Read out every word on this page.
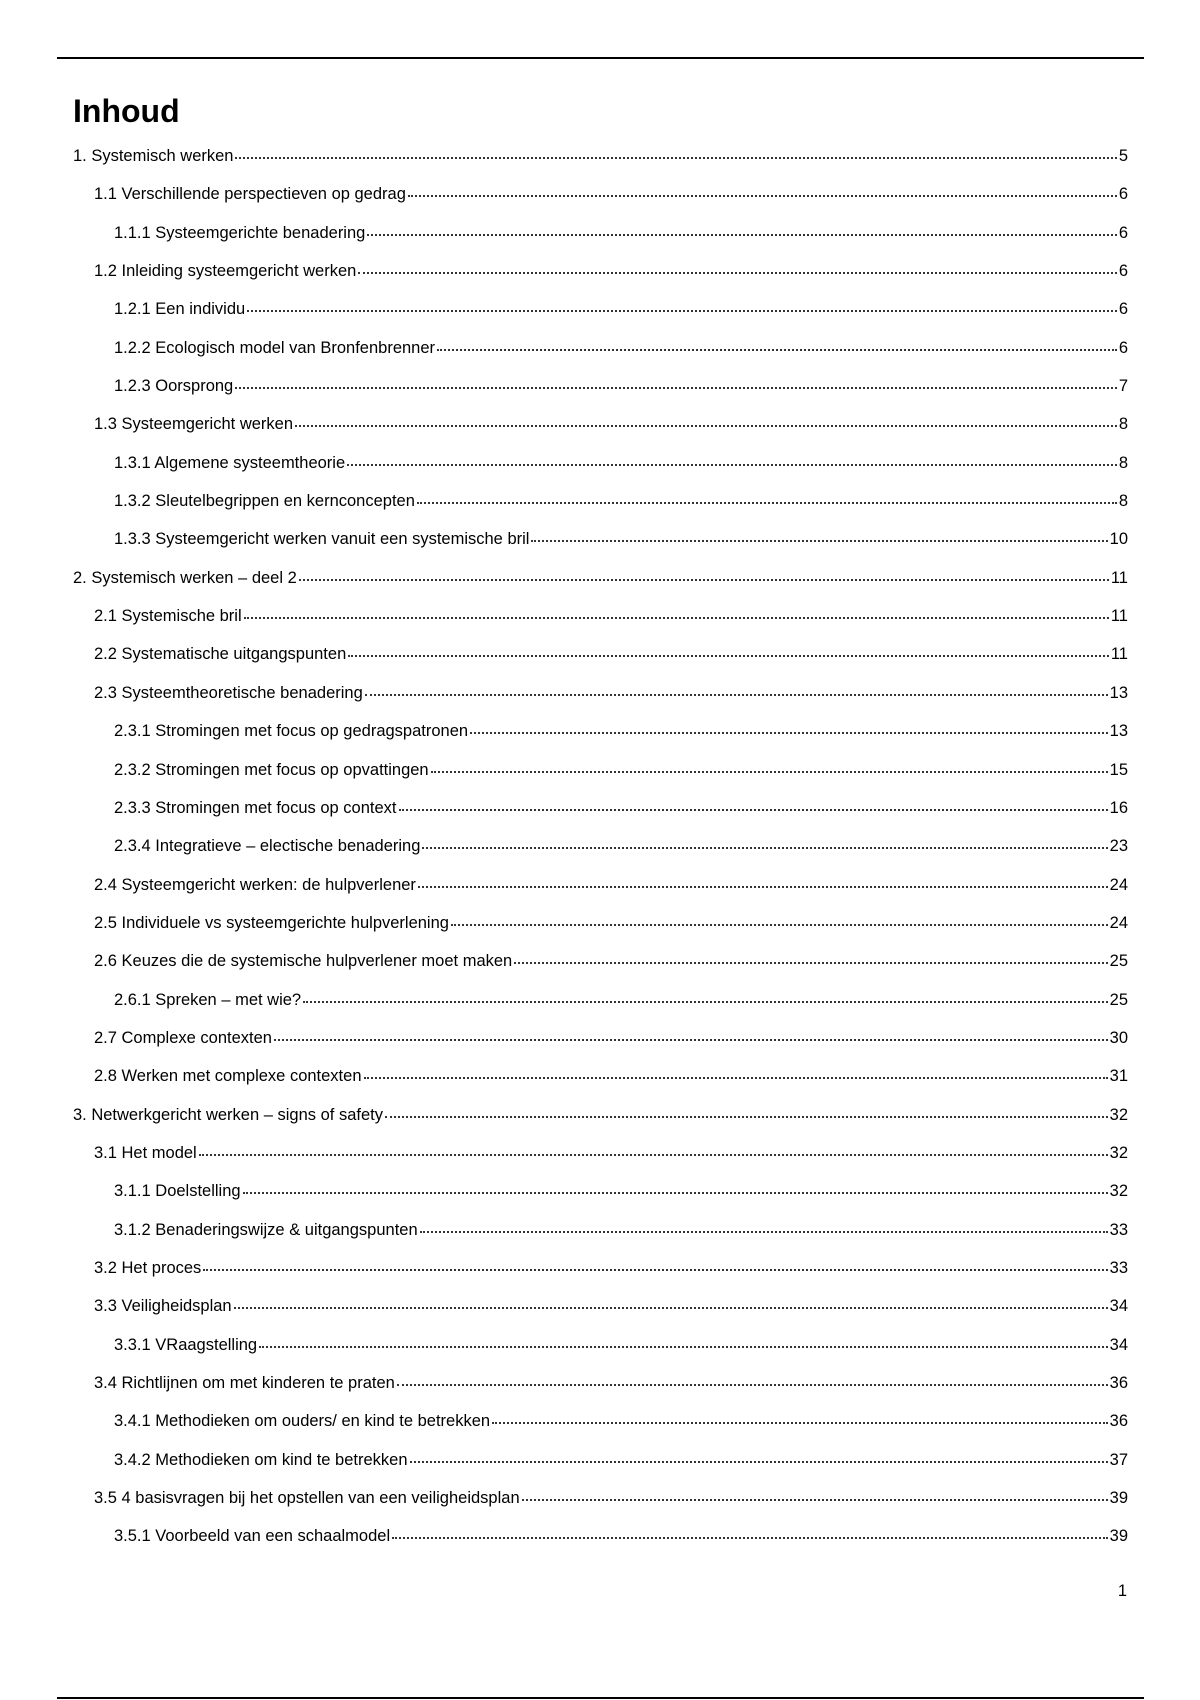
Inhoud
1. Systemisch werken	5
1.1 Verschillende perspectieven op gedrag	6
1.1.1 Systeemgerichte benadering	6
1.2 Inleiding systeemgericht werken	6
1.2.1 Een individu	6
1.2.2 Ecologisch model van Bronfenbrenner	6
1.2.3 Oorsprong	7
1.3 Systeemgericht werken	8
1.3.1 Algemene systeemtheorie	8
1.3.2 Sleutelbegrippen en kernconcepten	8
1.3.3 Systeemgericht werken vanuit een systemische bril	10
2. Systemisch werken – deel 2	11
2.1 Systemische bril	11
2.2 Systematische uitgangspunten	11
2.3 Systeemtheoretische benadering	13
2.3.1 Stromingen met focus op gedragspatronen	13
2.3.2 Stromingen met focus op opvattingen	15
2.3.3 Stromingen met focus op context	16
2.3.4 Integratieve – electische benadering	23
2.4 Systeemgericht werken: de hulpverlener	24
2.5 Individuele vs systeemgerichte hulpverlening	24
2.6 Keuzes die de systemische hulpverlener moet maken	25
2.6.1 Spreken – met wie?	25
2.7 Complexe contexten	30
2.8 Werken met complexe contexten	31
3. Netwerkgericht werken – signs of safety	32
3.1 Het model	32
3.1.1 Doelstelling	32
3.1.2 Benaderingswijze & uitgangspunten	33
3.2 Het proces	33
3.3 Veiligheidsplan	34
3.3.1 VRaagstelling	34
3.4 Richtlijnen om met kinderen te praten	36
3.4.1 Methodieken om ouders/ en kind te betrekken	36
3.4.2 Methodieken om kind te betrekken	37
3.5 4 basisvragen bij het opstellen van een veiligheidsplan	39
3.5.1 Voorbeeld van een schaalmodel	39
1
